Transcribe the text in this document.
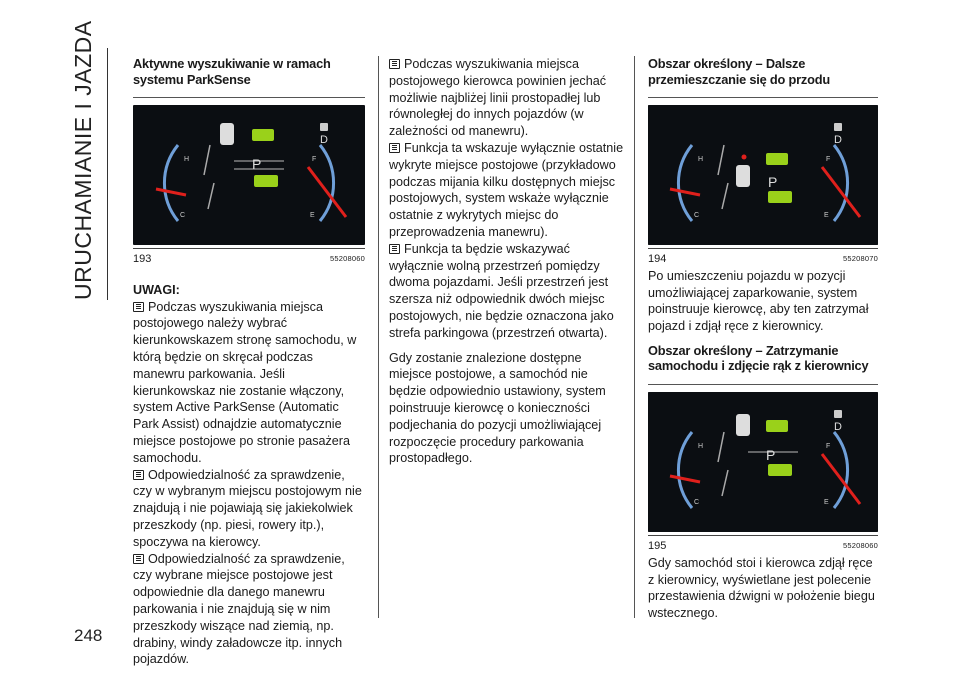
URUCHAMIANIE I JAZDA
248
Aktywne wyszukiwanie w ramach systemu ParkSense
H
C
F
E
D
P
193	55208060
UWAGI:

Podczas wyszukiwania miejsca postojowego należy wybrać kierunkowskazem stronę samochodu, w którą będzie on skręcał podczas manewru parkowania. Jeśli kierunkowskaz nie zostanie włączony, system Active ParkSense (Automatic Park Assist) odnajdzie automatycznie miejsce postojowe po stronie pasażera samochodu.

Odpowiedzialność za sprawdzenie, czy w wybranym miejscu postojowym nie znajdują i nie pojawiają się jakiekolwiek przeszkody (np. piesi, rowery itp.), spoczywa na kierowcy.

Odpowiedzialność za sprawdzenie, czy wybrane miejsce postojowe jest odpowiednie dla danego manewru parkowania i nie znajdują się w nim przeszkody wiszące nad ziemią, np. drabiny, windy załadowcze itp. innych pojazdów.

Podczas wyszukiwania miejsca postojowego kierowca powinien jechać możliwie najbliżej linii prostopadłej lub równoległej do innych pojazdów (w zależności od manewru).

Funkcja ta wskazuje wyłącznie ostatnie wykryte miejsce postojowe (przykładowo podczas mijania kilku dostępnych miejsc postojowych, system wskaże wyłącznie ostatnie z wykrytych miejsc do przeprowadzenia manewru).

Funkcja ta będzie wskazywać wyłącznie wolną przestrzeń pomiędzy dwoma pojazdami. Jeśli przestrzeń jest szersza niż odpowiednik dwóch miejsc postojowych, nie będzie oznaczona jako strefa parkingowa (przestrzeń otwarta).

Gdy zostanie znalezione dostępne miejsce postojowe, a samochód nie będzie odpowiednio ustawiony, system poinstruuje kierowcę o konieczności podjechania do pozycji umożliwiającej rozpoczęcie procedury parkowania prostopadłego.

Obszar określony – Dalsze przemieszczanie się do przodu
H
C
F
E
D
P
194	55208070

Po umieszczeniu pojazdu w pozycji umożliwiającej zaparkowanie, system poinstruuje kierowcę, aby ten zatrzymał pojazd i zdjął ręce z kierownicy.

Obszar określony – Zatrzymanie samochodu i zdjęcie rąk z kierownicy
H
C
F
E
D
P
195	55208060

Gdy samochód stoi i kierowca zdjął ręce z kierownicy, wyświetlane jest polecenie przestawienia dźwigni w położenie biegu wstecznego.
